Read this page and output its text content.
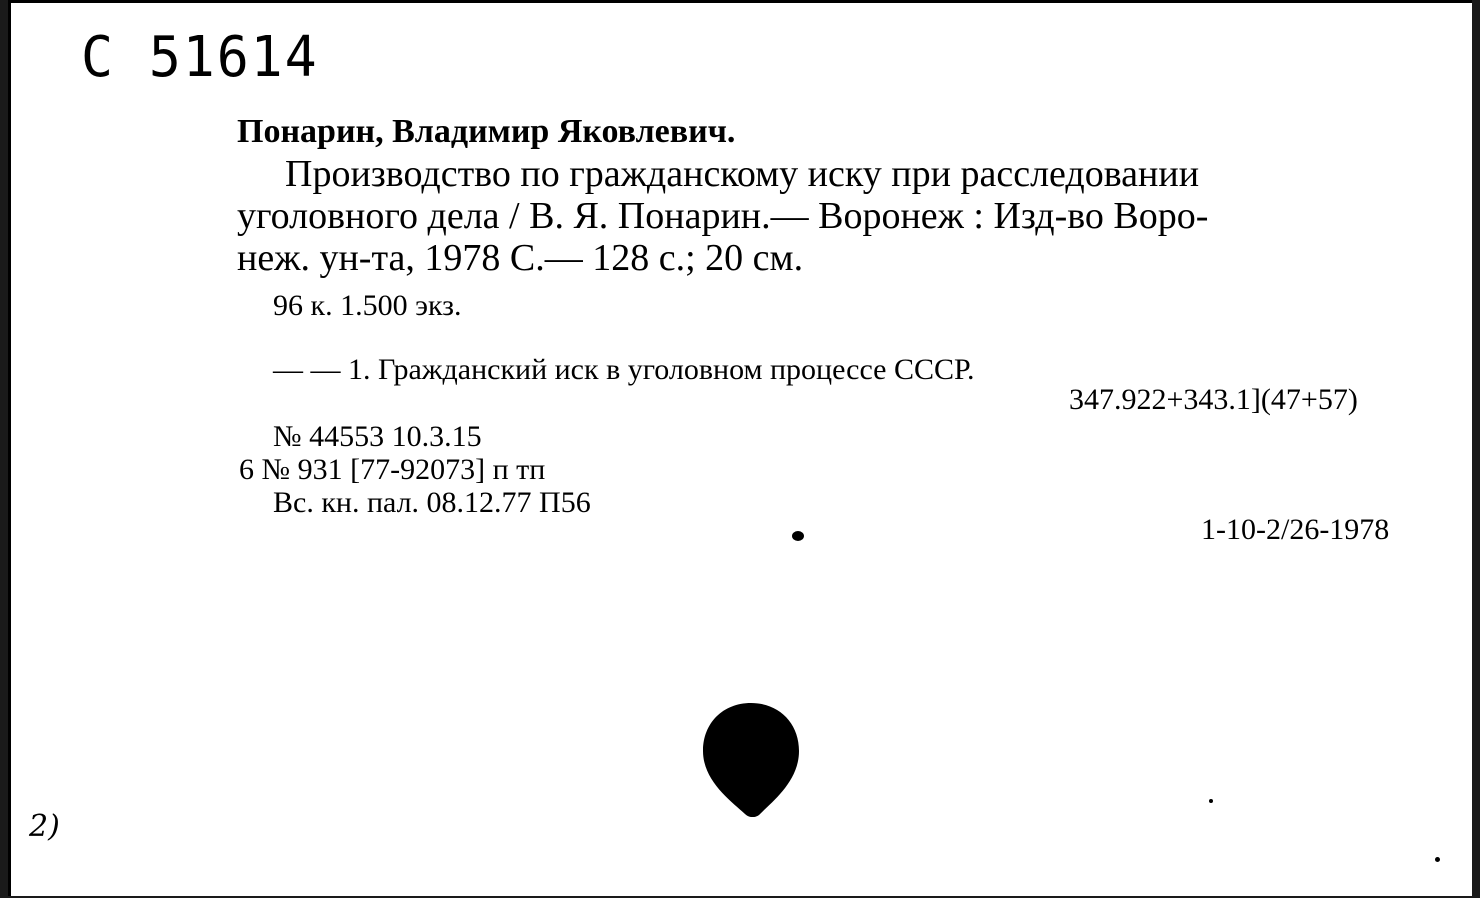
С 51614
Понарин, Владимир Яковлевич.
Производство по гражданскому иску при расследовании
уголовного дела / В. Я. Понарин.— Воронеж : Изд-во Воро-
неж. ун-та, 1978 С.— 128 с.; 20 см.
96 к. 1.500 экз.
— — 1. Гражданский иск в уголовном процессе СССР.
347.922+343.1](47+57)
№ 44553 10.3.15
6 № 931 [77-92073] п тп
Вс. кн. пал. 08.12.77 П56
1-10-2/26-1978
2)
